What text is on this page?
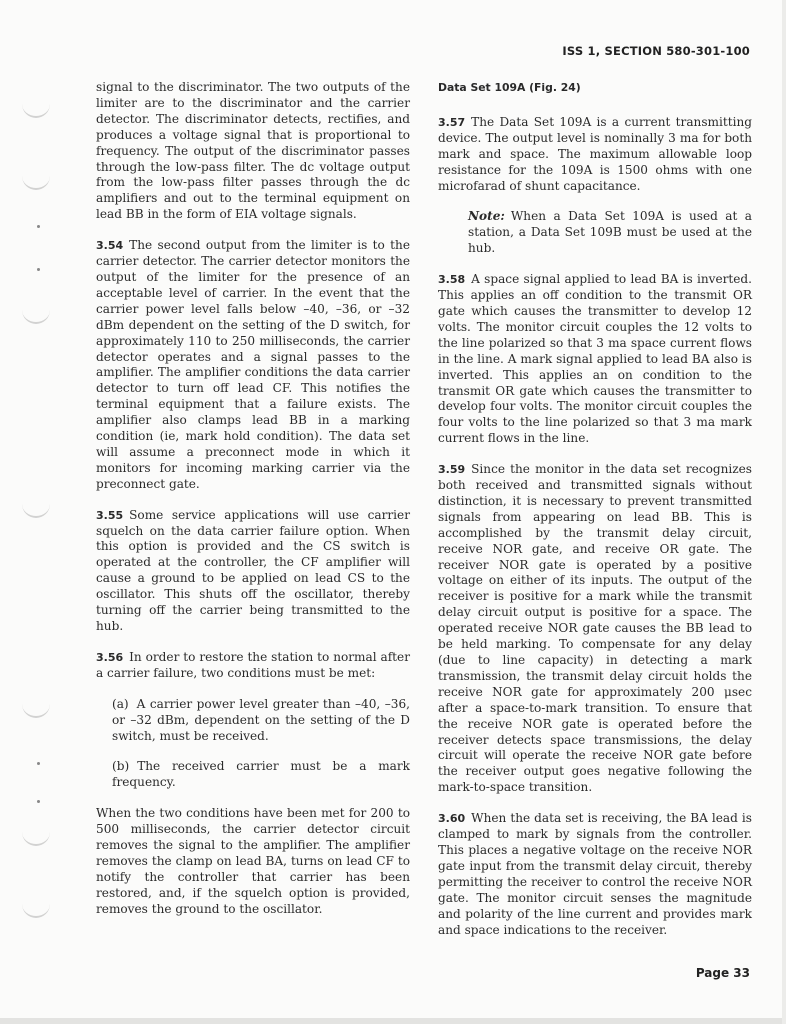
ISS 1, SECTION 580-301-100

signal to the discriminator. The two outputs of the limiter are to the discriminator and the carrier detector. The discriminator detects, rectifies, and produces a voltage signal that is proportional to frequency. The output of the discriminator passes through the low-pass filter. The dc voltage output from the low-pass filter passes through the dc amplifiers and out to the terminal equipment on lead BB in the form of EIA voltage signals.

3.54 The second output from the limiter is to the carrier detector. The carrier detector monitors the output of the limiter for the presence of an acceptable level of carrier. In the event that the carrier power level falls below –40, –36, or –32 dBm dependent on the setting of the D switch, for approximately 110 to 250 milliseconds, the carrier detector operates and a signal passes to the amplifier. The amplifier conditions the data carrier detector to turn off lead CF. This notifies the terminal equipment that a failure exists. The amplifier also clamps lead BB in a marking condition (ie, mark hold condition). The data set will assume a preconnect mode in which it monitors for incoming marking carrier via the preconnect gate.

3.55 Some service applications will use carrier squelch on the data carrier failure option. When this option is provided and the CS switch is operated at the controller, the CF amplifier will cause a ground to be applied on lead CS to the oscillator. This shuts off the oscillator, thereby turning off the carrier being transmitted to the hub.

3.56 In order to restore the station to normal after a carrier failure, two conditions must be met:

(a) A carrier power level greater than –40, –36, or –32 dBm, dependent on the setting of the D switch, must be received.

(b) The received carrier must be a mark frequency.

When the two conditions have been met for 200 to 500 milliseconds, the carrier detector circuit removes the signal to the amplifier. The amplifier removes the clamp on lead BA, turns on lead CF to notify the controller that carrier has been restored, and, if the squelch option is provided, removes the ground to the oscillator.

Data Set 109A (Fig. 24)

3.57 The Data Set 109A is a current transmitting device. The output level is nominally 3 ma for both mark and space. The maximum allowable loop resistance for the 109A is 1500 ohms with one microfarad of shunt capacitance.

Note: When a Data Set 109A is used at a station, a Data Set 109B must be used at the hub.

3.58 A space signal applied to lead BA is inverted. This applies an off condition to the transmit OR gate which causes the transmitter to develop 12 volts. The monitor circuit couples the 12 volts to the line polarized so that 3 ma space current flows in the line. A mark signal applied to lead BA also is inverted. This applies an on condition to the transmit OR gate which causes the transmitter to develop four volts. The monitor circuit couples the four volts to the line polarized so that 3 ma mark current flows in the line.

3.59 Since the monitor in the data set recognizes both received and transmitted signals without distinction, it is necessary to prevent transmitted signals from appearing on lead BB. This is accomplished by the transmit delay circuit, receive NOR gate, and receive OR gate. The receiver NOR gate is operated by a positive voltage on either of its inputs. The output of the receiver is positive for a mark while the transmit delay circuit output is positive for a space. The operated receive NOR gate causes the BB lead to be held marking. To compensate for any delay (due to line capacity) in detecting a mark transmission, the transmit delay circuit holds the receive NOR gate for approximately 200 μsec after a space-to-mark transition. To ensure that the receive NOR gate is operated before the receiver detects space transmissions, the delay circuit will operate the receive NOR gate before the receiver output goes negative following the mark-to-space transition.

3.60 When the data set is receiving, the BA lead is clamped to mark by signals from the controller. This places a negative voltage on the receive NOR gate input from the transmit delay circuit, thereby permitting the receiver to control the receive NOR gate. The monitor circuit senses the magnitude and polarity of the line current and provides mark and space indications to the receiver.

Page 33
